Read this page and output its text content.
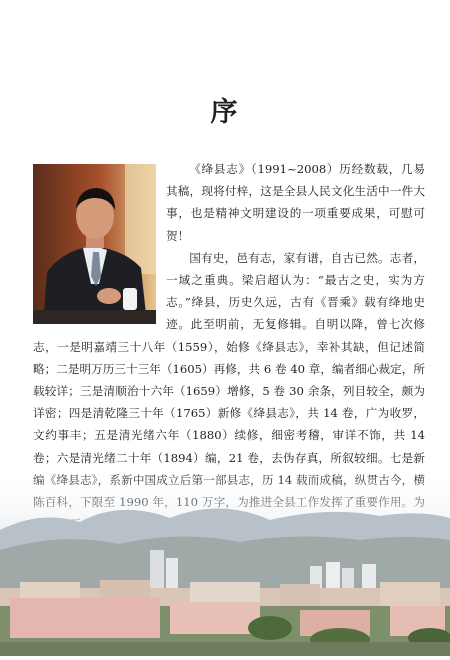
序

《绛县志》（1991~2008）历经数载，几易其稿，现将付梓，这是全县人民文化生活中一件大事，也是精神文明建设的一项重要成果，可慰可贺！

国有史，邑有志，家有谱，自古已然。志者，一域之重典。梁启超认为：“最古之史，实为方志。”绛县，历史久远，古有《晋乘》载有绛地史迹。此至明前，无复修辑。自明以降，曾七次修志，一是明嘉靖三十八年（1559），始修《绛县志》，幸补其缺，但记述简略；二是明万历三十三年（1605）再修，共 6 卷 40 章，编者细心裁定，所载较详；三是清顺治十六年（1659）增修，5 卷 30 余条，列目较全，颇为详密；四是清乾隆三十年（1765）新修《绛县志》，共 14 卷，广为收罗，文约事丰；五是清光绪六年（1880）续修，细密考稽，审详不饰，共 14 卷；六是清光绪二十年（1894）编，21 卷，去伪存真，所叙较细。七是新
